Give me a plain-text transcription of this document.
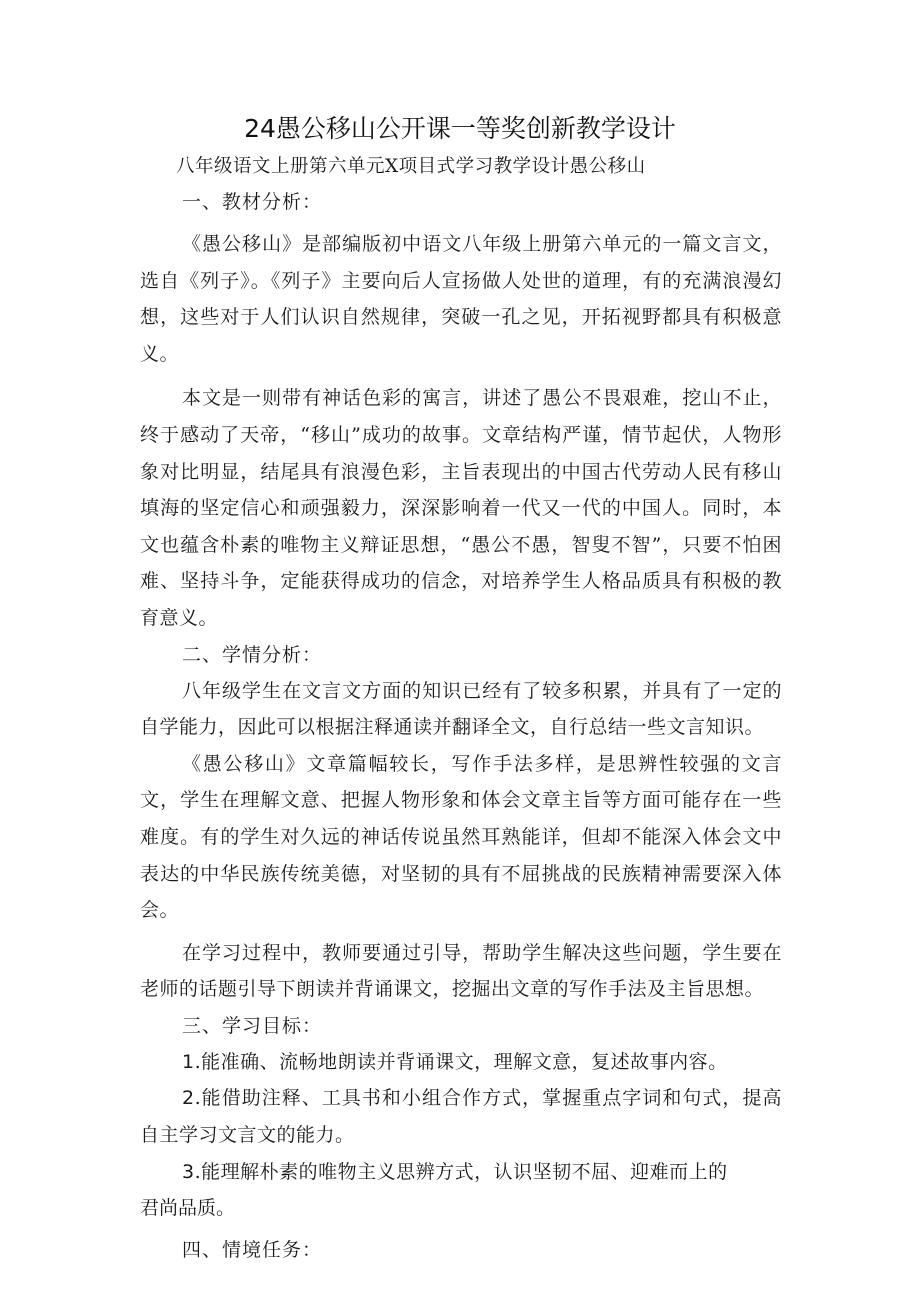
24愚公移山公开课一等奖创新教学设计

八年级语文上册第六单元X项目式学习教学设计愚公移山

一、教材分析：

《愚公移山》是部编版初中语文八年级上册第六单元的一篇文言文，选自《列子》。《列子》主要向后人宣扬做人处世的道理，有的充满浪漫幻想，这些对于人们认识自然规律，突破一孔之见，开拓视野都具有积极意义。

本文是一则带有神话色彩的寓言，讲述了愚公不畏艰难，挖山不止，终于感动了天帝，“移山”成功的故事。文章结构严谨，情节起伏，人物形象对比明显，结尾具有浪漫色彩，主旨表现出的中国古代劳动人民有移山填海的坚定信心和顽强毅力，深深影响着一代又一代的中国人。同时，本文也蕴含朴素的唯物主义辩证思想，“愚公不愚，智叟不智”，只要不怕困难、坚持斗争，定能获得成功的信念，对培养学生人格品质具有积极的教育意义。

二、学情分析：

八年级学生在文言文方面的知识已经有了较多积累，并具有了一定的自学能力，因此可以根据注释通读并翻译全文，自行总结一些文言知识。

《愚公移山》文章篇幅较长，写作手法多样，是思辨性较强的文言文，学生在理解文意、把握人物形象和体会文章主旨等方面可能存在一些难度。有的学生对久远的神话传说虽然耳熟能详，但却不能深入体会文中表达的中华民族传统美德，对坚韧的具有不屈挑战的民族精神需要深入体会。

在学习过程中，教师要通过引导，帮助学生解决这些问题，学生要在老师的话题引导下朗读并背诵课文，挖掘出文章的写作手法及主旨思想。

三、学习目标：

1.能准确、流畅地朗读并背诵课文，理解文意，复述故事内容。

2.能借助注释、工具书和小组合作方式，掌握重点字词和句式，提高自主学习文言文的能力。

3.能理解朴素的唯物主义思辨方式，认识坚韧不屈、迎难而上的

君尚品质。

四、情境任务：
